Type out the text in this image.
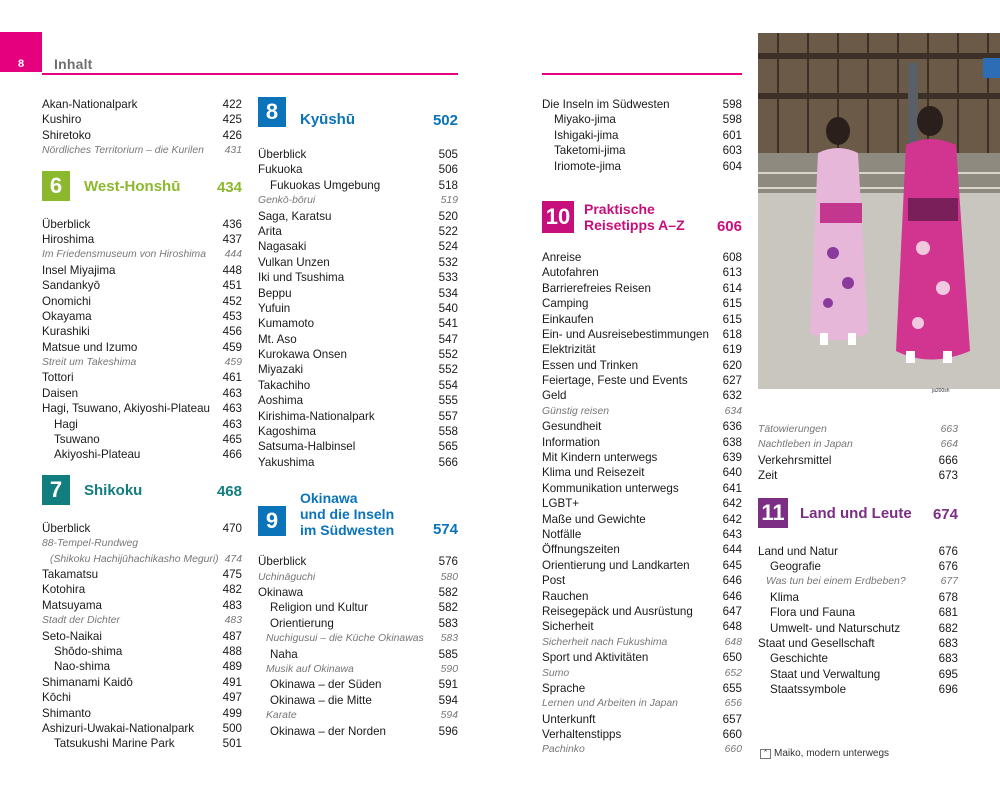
8	Inhalt
Akan-Nationalpark	422
Kushiro	425
Shiretoko	426
Nördliches Territorium – die Kurilen 431
6	West-Honshū 434
Überblick	436
Hiroshima	437
Im Friedensmuseum von Hiroshima 444
Insel Miyajima	448
Sandankyō	451
Onomichi	452
Okayama	453
Kurashiki	456
Matsue und Izumo	459
Streit um Takeshima	459
Tottori	461
Daisen	463
Hagi, Tsuwano, Akiyoshi-Plateau 463
Hagi	463
Tsuwano	465
Akiyoshi-Plateau	466
7	Shikoku	468
Überblick	470
88-Tempel-Rundweg
(Shikoku Hachijūhachikasho Meguri) 474
Takamatsu	475
Kotohira	482
Matsuyama	483
Stadt der Dichter	483
Seto-Naikai	487
Shōdo-shima	488
Nao-shima	489
Shimanami Kaidō	491
Kōchi	497
Shimanto	499
Ashizuri-Uwakai-Nationalpark 500
Tatsukushi Marine Park	501
8	Kyūshū	502
Überblick	505
Fukuoka	506
Fukuokas Umgebung	518
Genkō-bōrui	519
Saga, Karatsu	520
Arita	522
Nagasaki	524
Vulkan Unzen	532
Iki und Tsushima	533
Beppu	534
Yufuin	540
Kumamoto	541
Mt. Aso	547
Kurokawa Onsen	552
Miyazaki	552
Takachiho	554
Aoshima	555
Kirishima-Nationalpark	557
Kagoshima	558
Satsuma-Halbinsel	565
Yakushima	566
9
Okinawa
und die Inseln
im Südwesten	574
Überblick	576
Uchināguchi	580
Okinawa	582
Religion und Kultur	582
Orientierung	583
Nuchigusui – die Küche Okinawas 583
Naha	585
Musik auf Okinawa	590
Okinawa – der Süden	591
Okinawa – die Mitte	594
Karate	594
Okinawa – der Norden	596
Die Inseln im Südwesten	598
Miyako-jima	598
Ishigaki-jima	601
Taketomi-jima	603
Iriomote-jima	604
10 Praktische
Reisetipps A–Z 606
Anreise	608
Autofahren	613
Barrierefreies Reisen	614
Camping	615
Einkaufen	615
Ein- und Ausreisebestimmungen 618
Elektrizität	619
Essen und Trinken	620
Feiertage, Feste und Events	627
Geld	632
Günstig reisen	634
Gesundheit	636
Information	638
Mit Kindern unterwegs	639
Klima und Reisezeit	640
Kommunikation unterwegs	641
LGBT+	642
Maße und Gewichte	642
Notfälle	643
Öffnungszeiten	644
Orientierung und Landkarten	645
Post	646
Rauchen	646
Reisegepäck und Ausrüstung	647
Sicherheit	648
Sicherheit nach Fukushima	648
Sport und Aktivitäten	650
Sumo	652
Sprache	655
Lernen und Arbeiten in Japan	656
Unterkunft	657
Verhaltenstipps	660
Pachinko	660
ja200sh
Tätowierungen	663
Nachtleben in Japan	664
Verkehrsmittel	666
Zeit	673
11 Land und Leute 674
Land und Natur	676
Geografie	676
Was tun bei einem Erdbeben?	677
Klima	678
Flora und Fauna	681
Umwelt- und Naturschutz	682
Staat und Gesellschaft	683
Geschichte	683
Staat und Verwaltung	695
Staatssymbole	696
⌃ Maiko, modern unterwegs
